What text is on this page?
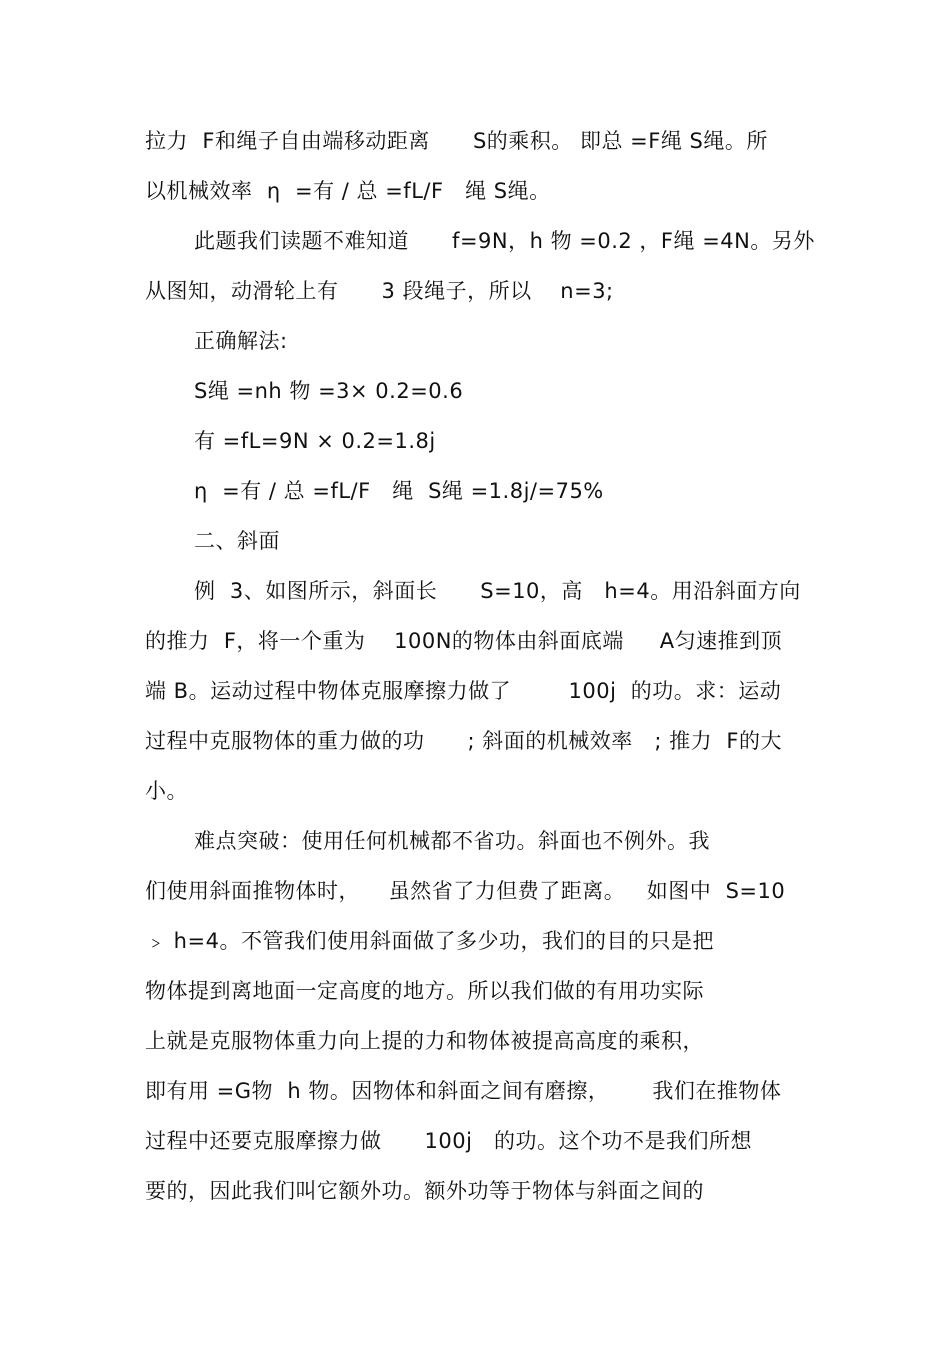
拉力  F和绳子自由端移动距离      S的乘积。 即总 =F绳 S绳。所
以机械效率  η  =有 / 总 =fL/F   绳 S绳。
此题我们读题不难知道      f=9N，h 物 =0.2 ，F绳 =4N。另外
从图知，动滑轮上有      3 段绳子，所以    n=3;
正确解法:
S绳 =nh 物 =3× 0.2=0.6
有 =fL=9N × 0.2=1.8j
η  =有 / 总 =fL/F   绳  S绳 =1.8j/=75%
二、斜面
例  3、如图所示，斜面长      S=10，高   h=4。用沿斜面方向
的推力  F，将一个重为    100N的物体由斜面底端     A匀速推到顶
端 B。运动过程中物体克服摩擦力做了        100j  的功。求：运动
过程中克服物体的重力做的功      ; 斜面的机械效率   ; 推力  F的大
小。
难点突破：使用任何机械都不省功。斜面也不例外。我
们使用斜面推物体时，    虽然省了力但费了距离。   如图中  S=10
﹥ h=4。不管我们使用斜面做了多少功，我们的目的只是把
物体提到离地面一定高度的地方。所以我们做的有用功实际
上就是克服物体重力向上提的力和物体被提高高度的乘积，
即有用 =G物  h 物。因物体和斜面之间有磨擦，      我们在推物体
过程中还要克服摩擦力做      100j   的功。这个功不是我们所想
要的，因此我们叫它额外功。额外功等于物体与斜面之间的
